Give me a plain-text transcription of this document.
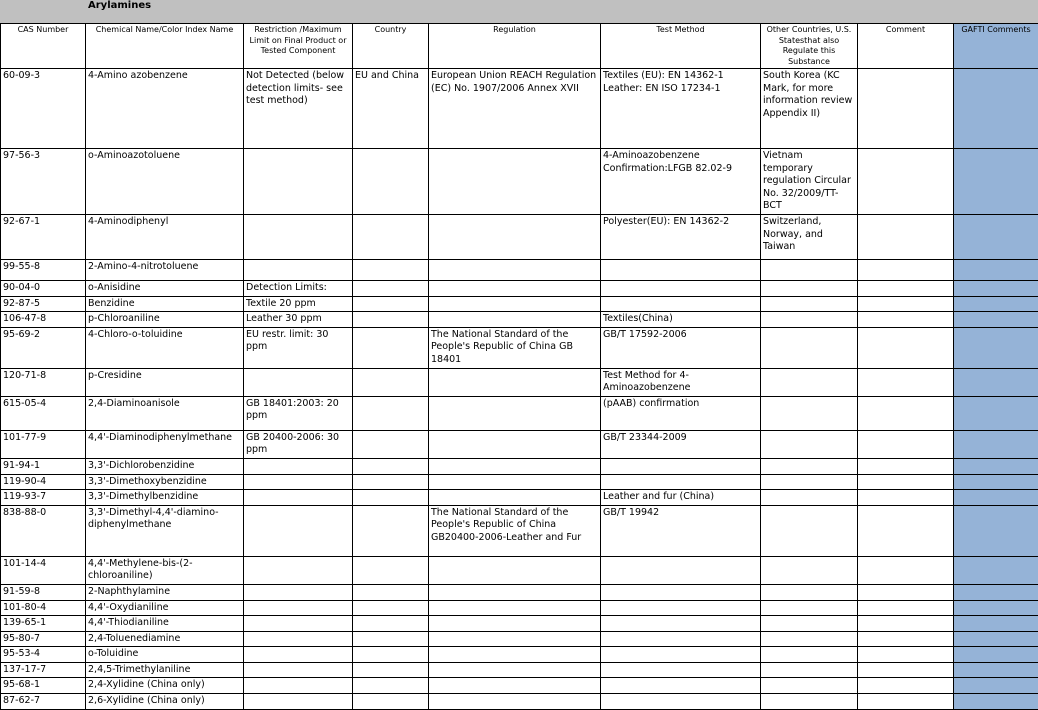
Arylamines
CAS Number	Chemical Name/Color Index Name	Restriction /Maximum Limit on Final Product or Tested Component	Country	Regulation	Test Method	Other Countries, U.S. Statesthat also Regulate this Substance	Comment	GAFTI Comments
60-09-3	4-Amino azobenzene	Not Detected (below detection limits- see test method)	EU and China	European Union REACH Regulation (EC) No. 1907/2006 Annex XVII	Textiles (EU): EN 14362-1 Leather: EN ISO 17234-1	South Korea (KC Mark, for more information review Appendix II)		
97-56-3	o-Aminoazotoluene				4-Aminoazobenzene Confirmation:LFGB 82.02-9	Vietnam temporary regulation Circular No. 32/2009/TT-BCT		
92-67-1	4-Aminodiphenyl				Polyester(EU): EN 14362-2	Switzerland, Norway, and Taiwan		
99-55-8	2-Amino-4-nitrotoluene							
90-04-0	o-Anisidine	Detection Limits:						
92-87-5	Benzidine	Textile 20 ppm						
106-47-8	p-Chloroaniline	Leather 30 ppm			Textiles(China)			
95-69-2	4-Chloro-o-toluidine	EU restr. limit: 30 ppm		The National Standard of the People's Republic of China GB 18401	GB/T 17592-2006			
120-71-8	p-Cresidine				Test Method for 4-Aminoazobenzene			
615-05-4	2,4-Diaminoanisole	GB 18401:2003: 20 ppm			(pAAB) confirmation			
101-77-9	4,4'-Diaminodiphenylmethane	GB 20400-2006: 30 ppm			GB/T 23344-2009			
91-94-1	3,3'-Dichlorobenzidine							
119-90-4	3,3'-Dimethoxybenzidine							
119-93-7	3,3'-Dimethylbenzidine				Leather and fur (China)			
838-88-0	3,3'-Dimethyl-4,4'-diamino-diphenylmethane			The National Standard of the People's Republic of China GB20400-2006-Leather and Fur	GB/T 19942			
101-14-4	4,4'-Methylene-bis-(2-chloroaniline)							
91-59-8	2-Naphthylamine							
101-80-4	4,4'-Oxydianiline							
139-65-1	4,4'-Thiodianiline							
95-80-7	2,4-Toluenediamine							
95-53-4	o-Toluidine							
137-17-7	2,4,5-Trimethylaniline							
95-68-1	2,4-Xylidine (China only)							
87-62-7	2,6-Xylidine (China only)							
